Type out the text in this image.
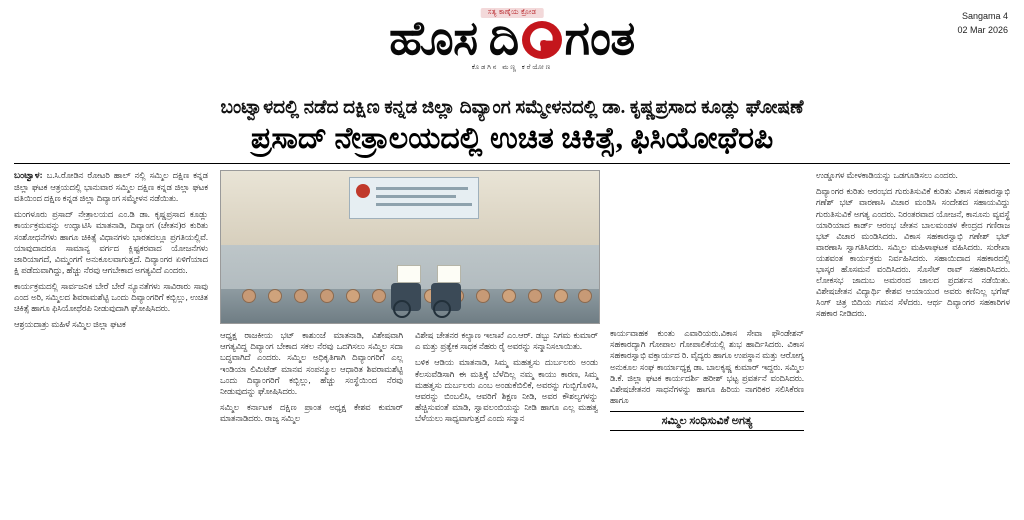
ಸತ್ಯ ಕಾಣ್ಕೆಯ ಕ್ರೋಡ
ಹೊಸ ದಿ ಗಂತ
ಕೊಡಗಿನ ಮಣ್ಣ ಕರೆಯೋಣ
Sangama 4
02 Mar 2026
ಬಂಟ್ವಾಳದಲ್ಲಿ ನಡೆದ ದಕ್ಷಿಣ ಕನ್ನಡ ಜಿಲ್ಲಾ ದಿವ್ಯಾಂಗ ಸಮ್ಮೇಳನದಲ್ಲಿ ಡಾ. ಕೃಷ್ಣಪ್ರಸಾದ ಕೂಡ್ಲು ಘೋಷಣೆ
ಪ್ರಸಾದ್ ನೇತ್ರಾಲಯದಲ್ಲಿ ಉಚಿತ ಚಿಕಿತ್ಸೆ, ಫಿಸಿಯೋಥೆರಪಿ

ಬಂಟ್ವಾಳ: ಬ.ಸಿ.ರೋಡಿನ ರೋಟರಿ ಹಾಲ್ ನಲ್ಲಿ ಸಮ್ಮಿಲ ದಕ್ಷಿಣ ಕನ್ನಡ ಜಿಲ್ಲಾ ಘಟಕ ಆತ್ರಯದಲ್ಲಿ ಭಾನುವಾರ ಸಮ್ಮಿಲ ದಕ್ಷಿಣ ಕನ್ನಡ ಜಿಲ್ಲಾ ಘಟಕ ವತಿಯಿಂದ ದಕ್ಷಿಣ ಕನ್ನಡ ಜಿಲ್ಲಾ ದಿವ್ಯಾಂಗ ಸಮ್ಮೇಳನ ನಡೆಯಿತು.

ಮಂಗಳೂರು ಪ್ರಸಾದ್ ನೇತ್ರಾಲಯದ ಎಂ.ಡಿ ಡಾ. ಕೃಷ್ಣಪ್ರಸಾದ ಕೂಡ್ಲು ಕಾರ್ಯಕ್ರಮವನ್ನು ಉದ್ಘಾಟಿಸಿ ಮಾತನಾಡಿ, ದಿವ್ಯಾಂಗ (ಚೇತನ)ರ ಕುರಿತು ಸಂಶೋಧನೆಗಳು ಹಾಗೂ ಚಿಕಿತ್ಸೆ ವಿಧಾನಗಳು ಭಾರತದಲ್ಲೂ ಪ್ರಗತಿಯಲ್ಲಿವೆ. ಯಾವುದಾದರೂ ಸಾಮಾನ್ಯ ವರ್ಗದ ಕ್ಲಿಷ್ಟಕರವಾದ ಯೋಜನೆಗಳು ಜಾರಿಯಾಗದೆ, ವಿಮ್ಮಂಗಗೆ ಅನುಕೂಲವಾಗುತ್ತದೆ. ದಿವ್ಯಾಂಗರ ಏಳಿಗೆಯಾದ ಕ್ಷಿ ಪಡೆದುವಾಗಿದ್ದು, ಹೆಚ್ಚು ನೆರವು ಆಗಬೇಕಾದ ಅಗತ್ಯವಿದೆ ಎಂದರು.

ಕಾರ್ಯಕ್ರಮದಲ್ಲಿ ಸಾರ್ವಜನಿಕ ಬೇರೆ ಬೇರೆ ನ್ಯೂನತೆಗಳು ಸಾವಿರಾರು ಸಾವು ಎಂದ ಅರಿ, ಸಮ್ಮಿಲದ ಶಿವರಾಮಶೆಟ್ಟಿ ಒಂದು ದಿವ್ಯಾಂಗರಿಗೆ ಕಬ್ಬಿಲ್ಲು, ಉಚಿತ ಚಿಕಿತ್ಸೆ ಹಾಗೂ ಫಿಸಿಯೋಥೆರಪಿ ನೀಡುವುದಾಗಿ ಘೋಷಿಸಿದರು.

ಆಶ್ರಯದಾತ್ರು ಮಹಿಳೆ ಸಮ್ಮಿಲ ಜಿಲ್ಲಾ ಘಟಕ

ಆಧ್ಯಕ್ಷ ರಾಜಕೀಯ ಭಟ್ ಕಾಶುಂಜೆ ಮಾತನಾಡಿ, ವಿಶೇಷವಾಗಿ ಆಗತ್ಯವಿದ್ದ ದಿವ್ಯಾಂಗ ಬೇಕಾದ ಸಕಲ ನೆರವು ಒದಗಿಸಲು ಸಮ್ಮಿಲ ಸದಾ ಬದ್ಧವಾಗಿದೆ ಎಂದರು. ಸಮ್ಮಿಲ ಅಧಿಕೃತಿಗಾಗಿ ದಿವ್ಯಾಂಗರಿಗೆ ಎಲ್ಲ ಇಂಡಿಯಾ ಲಿಮಿಟೆಡ್ ಮಾನವ ಸಂಪನ್ಮೂಲ ಆಧಾರಿತ ಶಿವರಾಮಶೆಟ್ಟಿ ಒಂದು ದಿವ್ಯಾಂಗರಿಗೆ ಕಬ್ಬಿಲ್ಲು, ಹೆಚ್ಚು ಸಂಸ್ಥೆಯಿಂದ ನೆರವು ನೀಡುವುದನ್ನು ಘೋಷಿಸಿದರು.

ಸಮ್ಮಿಲ ಕರ್ನಾಟಕ ದಕ್ಷಿಣ ಪ್ರಾಂತ ಅಧ್ಯಕ್ಷ ಕೇಶವ ಕುಮಾರ್ ಮಾತನಾಡಿದರು. ರಾಜ್ಯ ಸಮ್ಮಿಲ

ವಿಶೇಷ ಚೇತನರ ಕಲ್ಯಾಣ ಇಲಾಖೆ ಎಂ.ಆರ್. ಡಬ್ಬು ನಿಗಮ ಕುಮಾರ್ ಎ ಮತ್ತು ಪ್ರತ್ಯೇಕ ಸಾಧಕ ನೆಹರು ರೈ ಅವರನ್ನು ಸನ್ಮಾನಿಸಲಾಯಿತು.

ಬಳಿಕ ಆಡಿಯ ಮಾತನಾಡಿ, ಸಿಮ್ಮ ಮಹತ್ವಸು ದುರ್ಬಲರು ಅಂಡು ಕೆಲಸುವೆಡಿಸಾಗಿ ಈ ಮತ್ತಿಕ್ಕೆ ಬೆಳೆದಿಲ್ಲ ನಮ್ಮ ಕಾಯು ಕಾರಣ, ಸಿಮ್ಮ ಮಹತ್ವಸು ದುರ್ಬಲರು ಎಂಬ ಅಂಡುಕೆಬಿಲಿಕೆ, ಅವರನ್ನು ಗುಬ್ಬಿಗೊಳಿಸಿ, ಆವರನ್ನು ಬಿಂಬಲಿಸಿ, ಆವರಿಗೆ ಶಿಕ್ಷಣ ನೀಡಿ, ಅವರ ಕೌಶಲ್ಯಗಳನ್ನು ಹೆಚ್ಚಿಸುವಂತೆ ಮಾಡಿ, ಸ್ವಾವಲಂಬಿಯನ್ನು ನೀಡಿ ಹಾಗೂ ಎಲ್ಲ ಮಹತ್ವ ಬೆಳೆಯಲು ಸಾಧ್ಯವಾಗುತ್ತದೆ ಎಂದು ಸನ್ಮಾನ

ಕಾರ್ಯವಾಹಕ ಕುಂತು ಎವಾರಿಯರು.ವಿಕಾಸ ಸೇವಾ ಫೌಂಡೇಶನ್ ಸಹಕಾರದ್ಯಾಗಿ ಗೋಪಾಲ ಗೋಪಾಲಿಕೆಯಲ್ಲಿ ಶುಭ ಹಾರ್ದಿಸಿದರು. ವಿಕಾಸ ಸಹಕಾರಸ್ವಾಭಿ ವಕ್ತಾರ್ಯದ ರಿ. ವೈದ್ಯರು ಹಾಗೂ ಉಪಸ್ಥಾನ ಮತ್ತು ಆರೋಗ್ಯ ಅನುಕೂಲ ಸಂಘ ಕಾರ್ಯಾಧ್ಯಕ್ಷ ಡಾ. ಬಾಲಕೃಷ್ಣ ಕುಮಾರ್ ಇದ್ದರು. ಸಮ್ಮಿಲ ಡಿ.ಕೆ. ಜಿಲ್ಲಾ ಘಟಕ ಕಾರ್ಯದರ್ಶಿ ಹರೀಶ್ ಭಟ್ಟ ಪ್ರವರ್ತನೆ ವಂದಿಸಿದರು. ವಿಶೇಷಚೇತನರ ಸಾಧನೆಗಳನ್ನು ಹಾಗೂ ಹಿರಿಯ ನಾಗರಿಕರ ಸಲಿಸಿಕೆರಣ ಹಾಗೂ

ಸಮ್ಮಿಲ ಸಂಧಿಸುವಿಕೆ ಅಗತ್ಯ

ಉಡ್ಡೂಗಳ ಮೇಳಕಾಡಿಯನ್ನು ಒಡಗೂಡಿಸಲು ಎಂದರು.

ದಿವ್ಯಾಂಗರ ಕುರಿತು ಆರಂಭದ ಗುರುತಿಸುವಿಕೆ ಕುರಿತು ವಿಕಾಸ ಸಹಕಾರಸ್ವಾಭಿ ಗಣೆಶ್ ಭಟ್ ವಾರಣಾಸಿ ವಿಚಾರ ಮಂಡಿಸಿ ಸಂದೇಶದ ಸಹಾಯವಿದ್ದು ಗುರುತಿಸುವಿಕೆ ಅಗತ್ಯ ಎಂದರು. ನಿರಂತರವಾದ ಯೋಜನೆ, ಕಾನೂನು ವ್ಯವಸ್ಥೆ ಯಾರಿಯಾದ ಕಾರ್ಡ್ ಆರಂಭ ಚೇತನ ಬಾಲಮಂಡಳ ಕೇಂದ್ರದ ಗಣಿರಾಜ ಭಟ್ ವಿಚಾರ ಮಂಡಿಸಿದರು. ವಿಕಾಸ ಸಹಕಾರಸ್ವಾಭಿ ಗಣೇಶ್ ಭಟ್ ವಾರಣಾಸಿ ಸ್ವಾಗತಿಸಿದರು. ಸಮ್ಮಿಲ ಮಹಿಳಾಘಟಕ ವಹಿಸಿದರು. ಸುರೇಖಾ ಯಶವಂತ ಕಾರ್ಯಕ್ರಮ ನಿರ್ವಹಿಸಿದರು. ಸಹಾಯಿದಾದ ಸಹಕಾರದಲ್ಲಿ ಭಾಸ್ಕರ ಹೊಸಮನೆ ವಂದಿಸಿದರು. ಸೊಸೆಟ್ ರಾವ್ ಸಹಕಾರಿಸಿದರು. ಲೋಕಸಭ ಜಾದುಬ ಅಮರಂದ ಜಾಲದ ಪ್ರದರ್ಶನ ನಡೆಯಿತು. ವಿಶೇಷಚೇತನ ವಿದ್ಯಾರ್ಥಿ ಕೇಶವ ಆಯಾಯುರ ಅವರು ಕಣಿನಿಲ್ಲ ಭಗೆಷ್ ಸಿಂಗ್ ಚಿತ್ರ ಬಿದಿಯ ಗಮನ ಸೆಳೆದರು. ಆರ್ಥ ದಿವ್ಯಾಂಗರ ಸಹಕಾರಿಗಳ ಸಹಕಾರ ನೀಡಿದರು.
